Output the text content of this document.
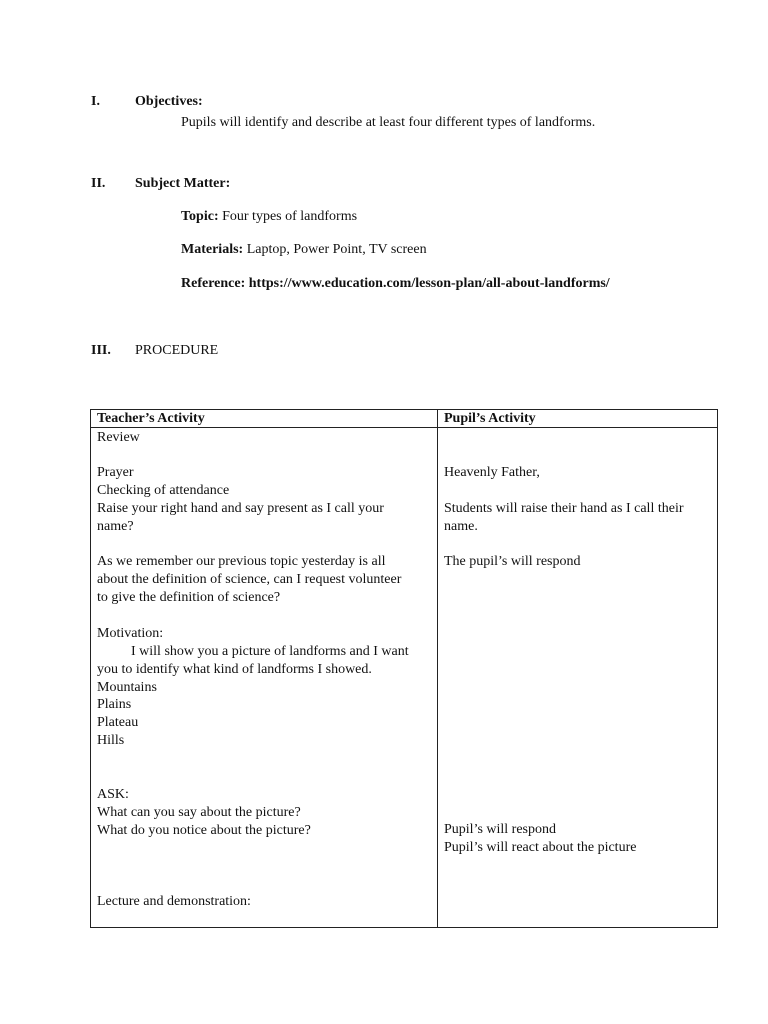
I.	Objectives:
Pupils will identify and describe at least four different types of landforms.
II. Subject Matter:
Topic: Four types of landforms
Materials: Laptop, Power Point, TV screen
Reference: https://www.education.com/lesson-plan/all-about-landforms/
III. PROCEDURE
Teacher’s Activity	Pupil’s Activity
Review
Prayer
Checking of attendance
Raise your right hand and say present as I call your
name?
As we remember our previous topic yesterday is all
about the definition of science, can I request volunteer
to give the definition of science?
Motivation:
I will show you a picture of landforms and I want
you to identify what kind of landforms I showed.
Mountains
Plains
Plateau
Hills
ASK:
What can you say about the picture?
What do you notice about the picture?
Lecture and demonstration:
Heavenly Father,
Students will raise their hand as I call their
name.
The pupil’s will respond
Pupil’s will respond
Pupil’s will react about the picture
